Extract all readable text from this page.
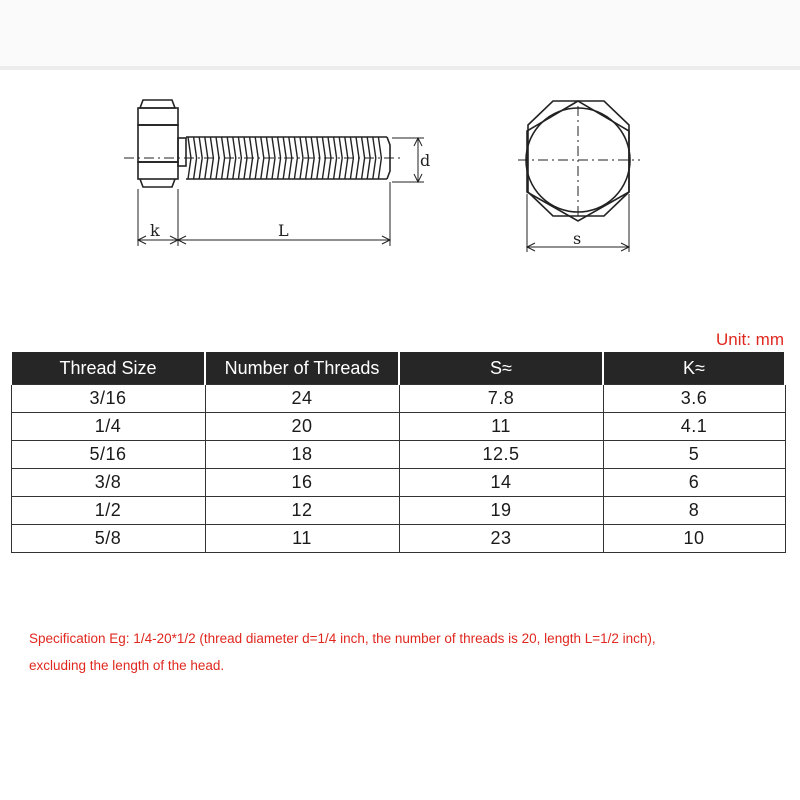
k	L
d
s
Unit: mm
Thread Size	Number of Threads	S≈	K≈
3/16	24	7.8	3.6
1/4	20	11	4.1
5/16	18	12.5	5
3/8	16	14	6
1/2	12	19	8
5/8	11	23	10

Specification Eg: 1/4-20*1/2 (thread diameter d=1/4 inch, the number of threads is 20, length L=1/2 inch),

excluding the length of the head.
